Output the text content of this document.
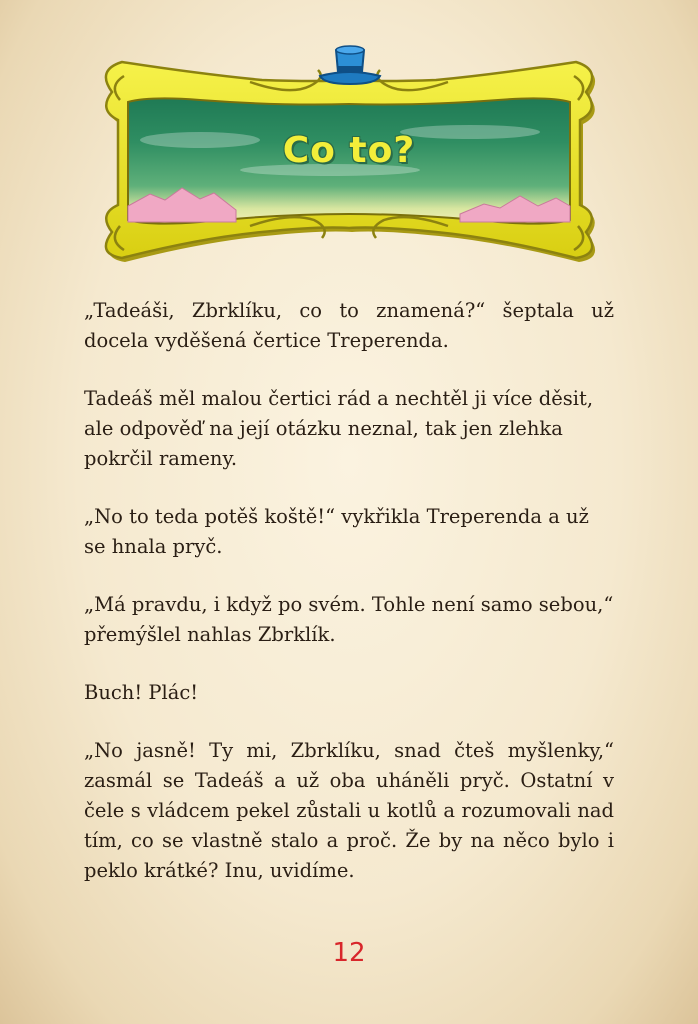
Co to?

„Tadeáši, Zbrklíku, co to znamená?“ šeptala už docela vyděšená čertice Treperenda.

Tadeáš měl malou čertici rád a nechtěl ji více děsit, ale odpověď na její otázku neznal, tak jen zlehka pokrčil rameny.

„No to teda potěš koště!“ vykřikla Treperenda a už se hnala pryč.

„Má pravdu, i když po svém. Tohle není samo sebou,“ přemýšlel nahlas Zbrklík.

Buch! Plác!

„No jasně! Ty mi, Zbrklíku, snad čteš myšlenky,“ zasmál se Tadeáš a už oba uháněli pryč. Ostatní v čele s vládcem pekel zůstali u kotlů a rozumovali nad tím, co se vlastně stalo a proč. Že by na něco bylo i peklo krátké? Inu, uvidíme.

12
